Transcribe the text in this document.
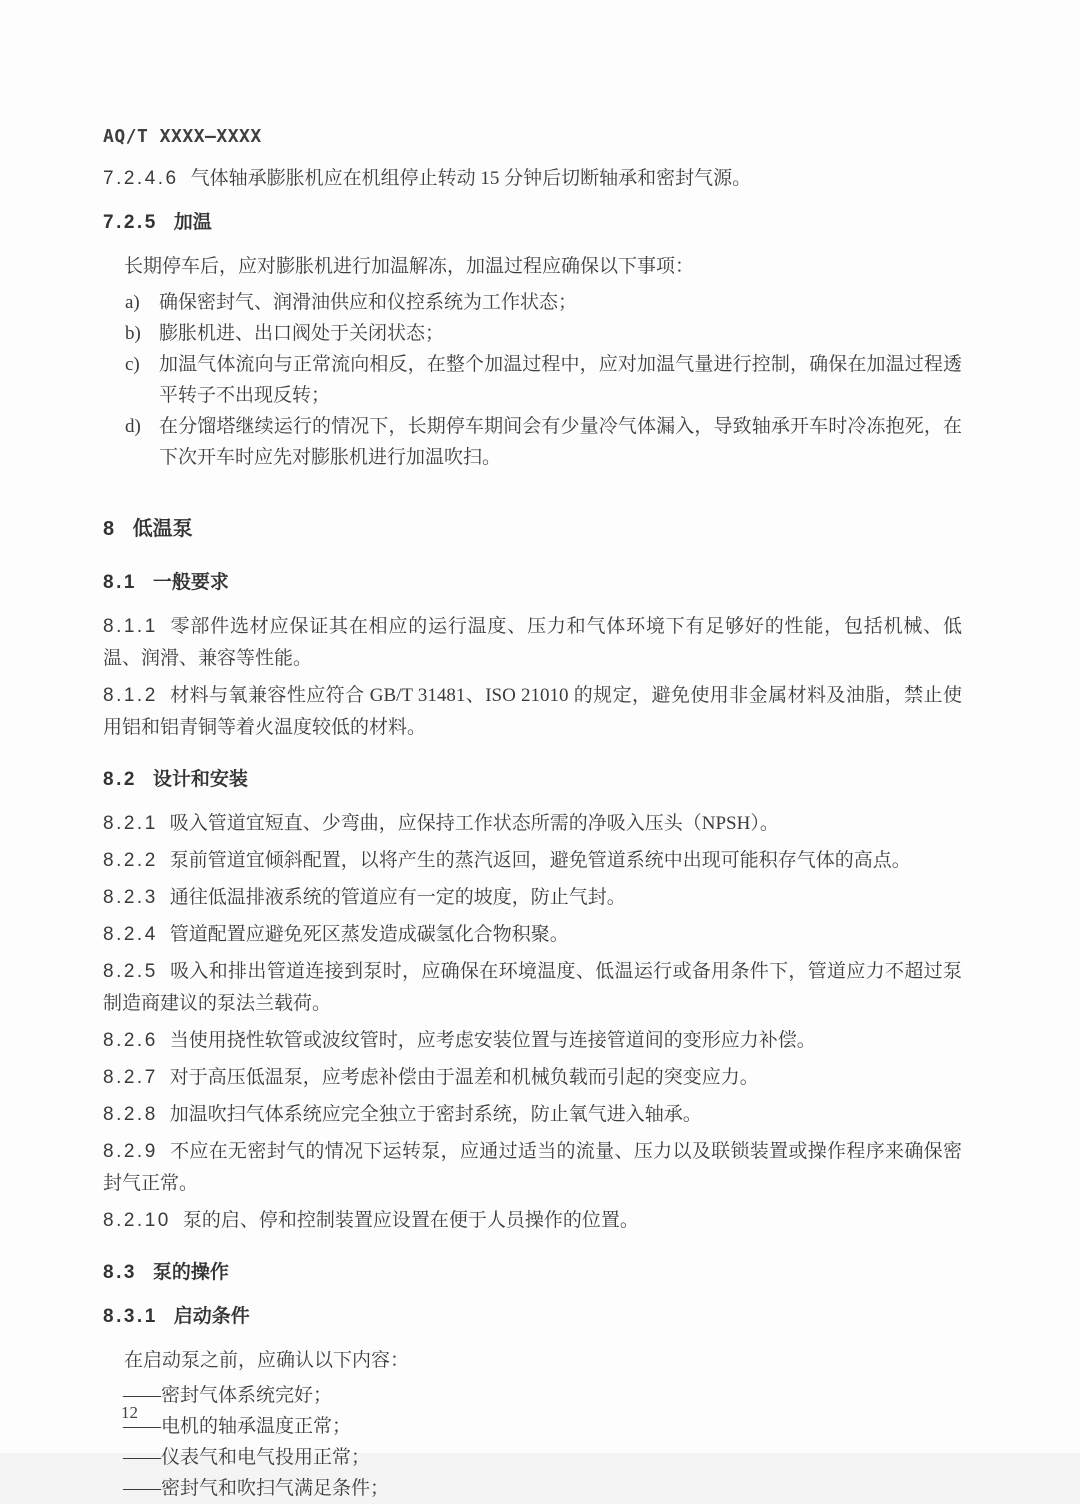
AQ/T XXXX—XXXX

7.2.4.6 气体轴承膨胀机应在机组停止转动 15 分钟后切断轴承和密封气源。

7.2.5 加温

长期停车后，应对膨胀机进行加温解冻，加温过程应确保以下事项：

a)	确保密封气、润滑油供应和仪控系统为工作状态；
b) 膨胀机进、出口阀处于关闭状态；
c)	加温气体流向与正常流向相反，在整个加温过程中，应对加温气量进行控制，确保在加温过程透平转子不出现反转；
d) 在分馏塔继续运行的情况下，长期停车期间会有少量冷气体漏入，导致轴承开车时冷冻抱死，在下次开车时应先对膨胀机进行加温吹扫。
8 低温泵
8.1 一般要求

8.1.1 零部件选材应保证其在相应的运行温度、压力和气体环境下有足够好的性能，包括机械、低温、润滑、兼容等性能。

8.1.2 材料与氧兼容性应符合 GB/T 31481、ISO 21010 的规定，避免使用非金属材料及油脂，禁止使用铝和铝青铜等着火温度较低的材料。

8.2 设计和安装

8.2.1 吸入管道宜短直、少弯曲，应保持工作状态所需的净吸入压头（NPSH）。

8.2.2 泵前管道宜倾斜配置，以将产生的蒸汽返回，避免管道系统中出现可能积存气体的高点。

8.2.3 通往低温排液系统的管道应有一定的坡度，防止气封。

8.2.4 管道配置应避免死区蒸发造成碳氢化合物积聚。

8.2.5 吸入和排出管道连接到泵时，应确保在环境温度、低温运行或备用条件下，管道应力不超过泵制造商建议的泵法兰载荷。

8.2.6 当使用挠性软管或波纹管时，应考虑安装位置与连接管道间的变形应力补偿。

8.2.7 对于高压低温泵，应考虑补偿由于温差和机械负载而引起的突变应力。

8.2.8 加温吹扫气体系统应完全独立于密封系统，防止氧气进入轴承。

8.2.9 不应在无密封气的情况下运转泵，应通过适当的流量、压力以及联锁装置或操作程序来确保密封气正常。

8.2.10 泵的启、停和控制装置应设置在便于人员操作的位置。

8.3 泵的操作
8.3.1 启动条件

在启动泵之前，应确认以下内容：

——密封气体系统完好；

——电机的轴承温度正常；

——仪表气和电气投用正常；

——密封气和吹扫气满足条件；

12
